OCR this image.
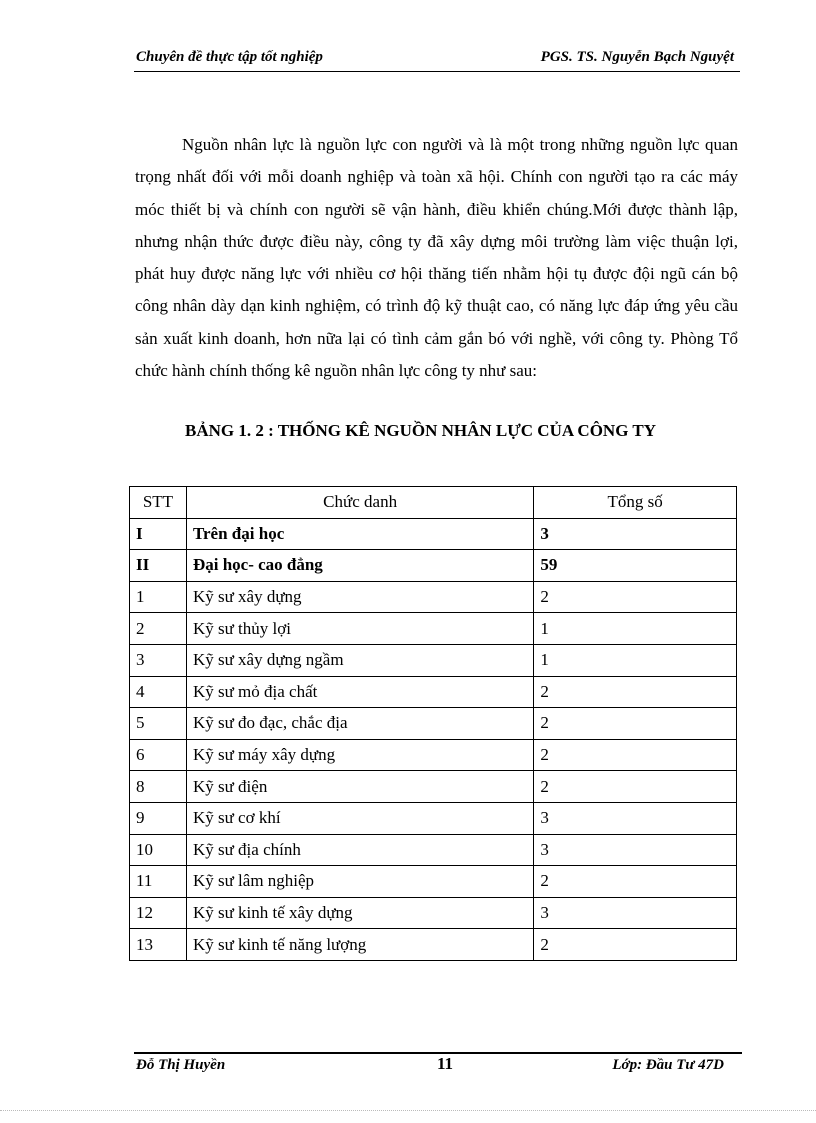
Chuyên đề thực tập tốt nghiệp	PGS. TS. Nguyễn Bạch Nguyệt

Nguồn nhân lực là nguồn lực con người và là một trong những nguồn lực quan trọng nhất đối với mỗi doanh nghiệp và toàn xã hội. Chính con người tạo ra các máy móc thiết bị và chính con người sẽ vận hành, điều khiển chúng.Mới được thành lập, nhưng nhận thức được điều này, công ty đã xây dựng môi trường làm việc thuận lợi, phát huy được năng lực với nhiều cơ hội thăng tiến nhằm hội tụ được đội ngũ cán bộ công nhân dày dạn kinh nghiệm, có trình độ kỹ thuật cao, có năng lực đáp ứng yêu cầu sản xuất kinh doanh, hơn nữa lại có tình cảm gắn bó với nghề, với công ty. Phòng Tổ chức hành chính thống kê nguồn nhân lực công ty như sau:

BẢNG 1. 2 : THỐNG KÊ NGUỒN NHÂN LỰC CỦA CÔNG TY
STT	Chức danh	Tổng số
I	Trên đại học	3
II	Đại học- cao đẳng	59
1	Kỹ sư xây dựng	2
2	Kỹ sư thủy lợi	1
3	Kỹ sư xây dựng ngầm	1
4	Kỹ sư mỏ địa chất	2
5	Kỹ sư đo đạc, chắc địa	2
6	Kỹ sư máy xây dựng	2
8	Kỹ sư điện	2
9	Kỹ sư cơ khí	3
10	Kỹ sư địa chính	3
11	Kỹ sư lâm nghiệp	2
12	Kỹ sư kinh tế xây dựng	3
13	Kỹ sư kinh tế năng lượng	2
Đỗ Thị Huyền	11	Lớp: Đầu Tư 47D
